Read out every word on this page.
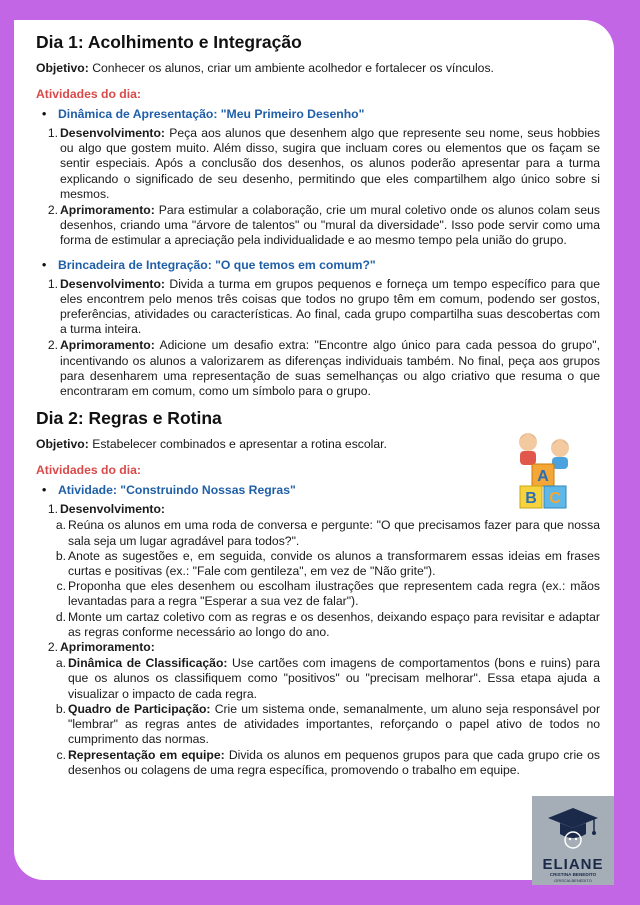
Dia 1: Acolhimento e Integração

Objetivo: Conhecer os alunos, criar um ambiente acolhedor e fortalecer os vínculos.

Atividades do dia:

• Dinâmica de Apresentação: "Meu Primeiro Desenho"
1. Desenvolvimento: Peça aos alunos que desenhem algo que represente seu nome, seus hobbies ou algo que gostem muito. Além disso, sugira que incluam cores ou elementos que os façam se sentir especiais. Após a conclusão dos desenhos, os alunos poderão apresentar para a turma explicando o significado de seu desenho, permitindo que eles compartilhem algo único sobre si mesmos.
2. Aprimoramento: Para estimular a colaboração, crie um mural coletivo onde os alunos colam seus desenhos, criando uma "árvore de talentos" ou "mural da diversidade". Isso pode servir como uma forma de estimular a apreciação pela individualidade e ao mesmo tempo pela união do grupo.
• Brincadeira de Integração: "O que temos em comum?"
1. Desenvolvimento: Divida a turma em grupos pequenos e forneça um tempo específico para que eles encontrem pelo menos três coisas que todos no grupo têm em comum, podendo ser gostos, preferências, atividades ou características. Ao final, cada grupo compartilha suas descobertas com a turma inteira.
2. Aprimoramento: Adicione um desafio extra: "Encontre algo único para cada pessoa do grupo", incentivando os alunos a valorizarem as diferenças individuais também. No final, peça aos grupos para desenharem uma representação de suas semelhanças ou algo criativo que resuma o que encontraram em comum, como um símbolo para o grupo.
Dia 2: Regras e Rotina

Objetivo: Estabelecer combinados e apresentar a rotina escolar.

Atividades do dia:

• Atividade: "Construindo Nossas Regras"
1. Desenvolvimento:
a. Reúna os alunos em uma roda de conversa e pergunte: "O que precisamos fazer para que nossa sala seja um lugar agradável para todos?".
b. Anote as sugestões e, em seguida, convide os alunos a transformarem essas ideias em frases curtas e positivas (ex.: "Fale com gentileza", em vez de "Não grite").
c. Proponha que eles desenhem ou escolham ilustrações que representem cada regra (ex.: mãos levantadas para a regra "Esperar a sua vez de falar").
d. Monte um cartaz coletivo com as regras e os desenhos, deixando espaço para revisitar e adaptar as regras conforme necessário ao longo do ano.
2. Aprimoramento:
a. Dinâmica de Classificação: Use cartões com imagens de comportamentos (bons e ruins) para que os alunos os classifiquem como "positivos" ou "precisam melhorar". Essa etapa ajuda a visualizar o impacto de cada regra.
b. Quadro de Participação: Crie um sistema onde, semanalmente, um aluno seja responsável por "lembrar" as regras antes de atividades importantes, reforçando o papel ativo de todos no cumprimento das normas.
c. Representação em equipe: Divida os alunos em pequenos grupos para que cada grupo crie os desenhos ou colagens de uma regra específica, promovendo o trabalho em equipe.
A
B C
ELIANE
CRISTINA BENEDITO
GRISCIA BENEDITO
